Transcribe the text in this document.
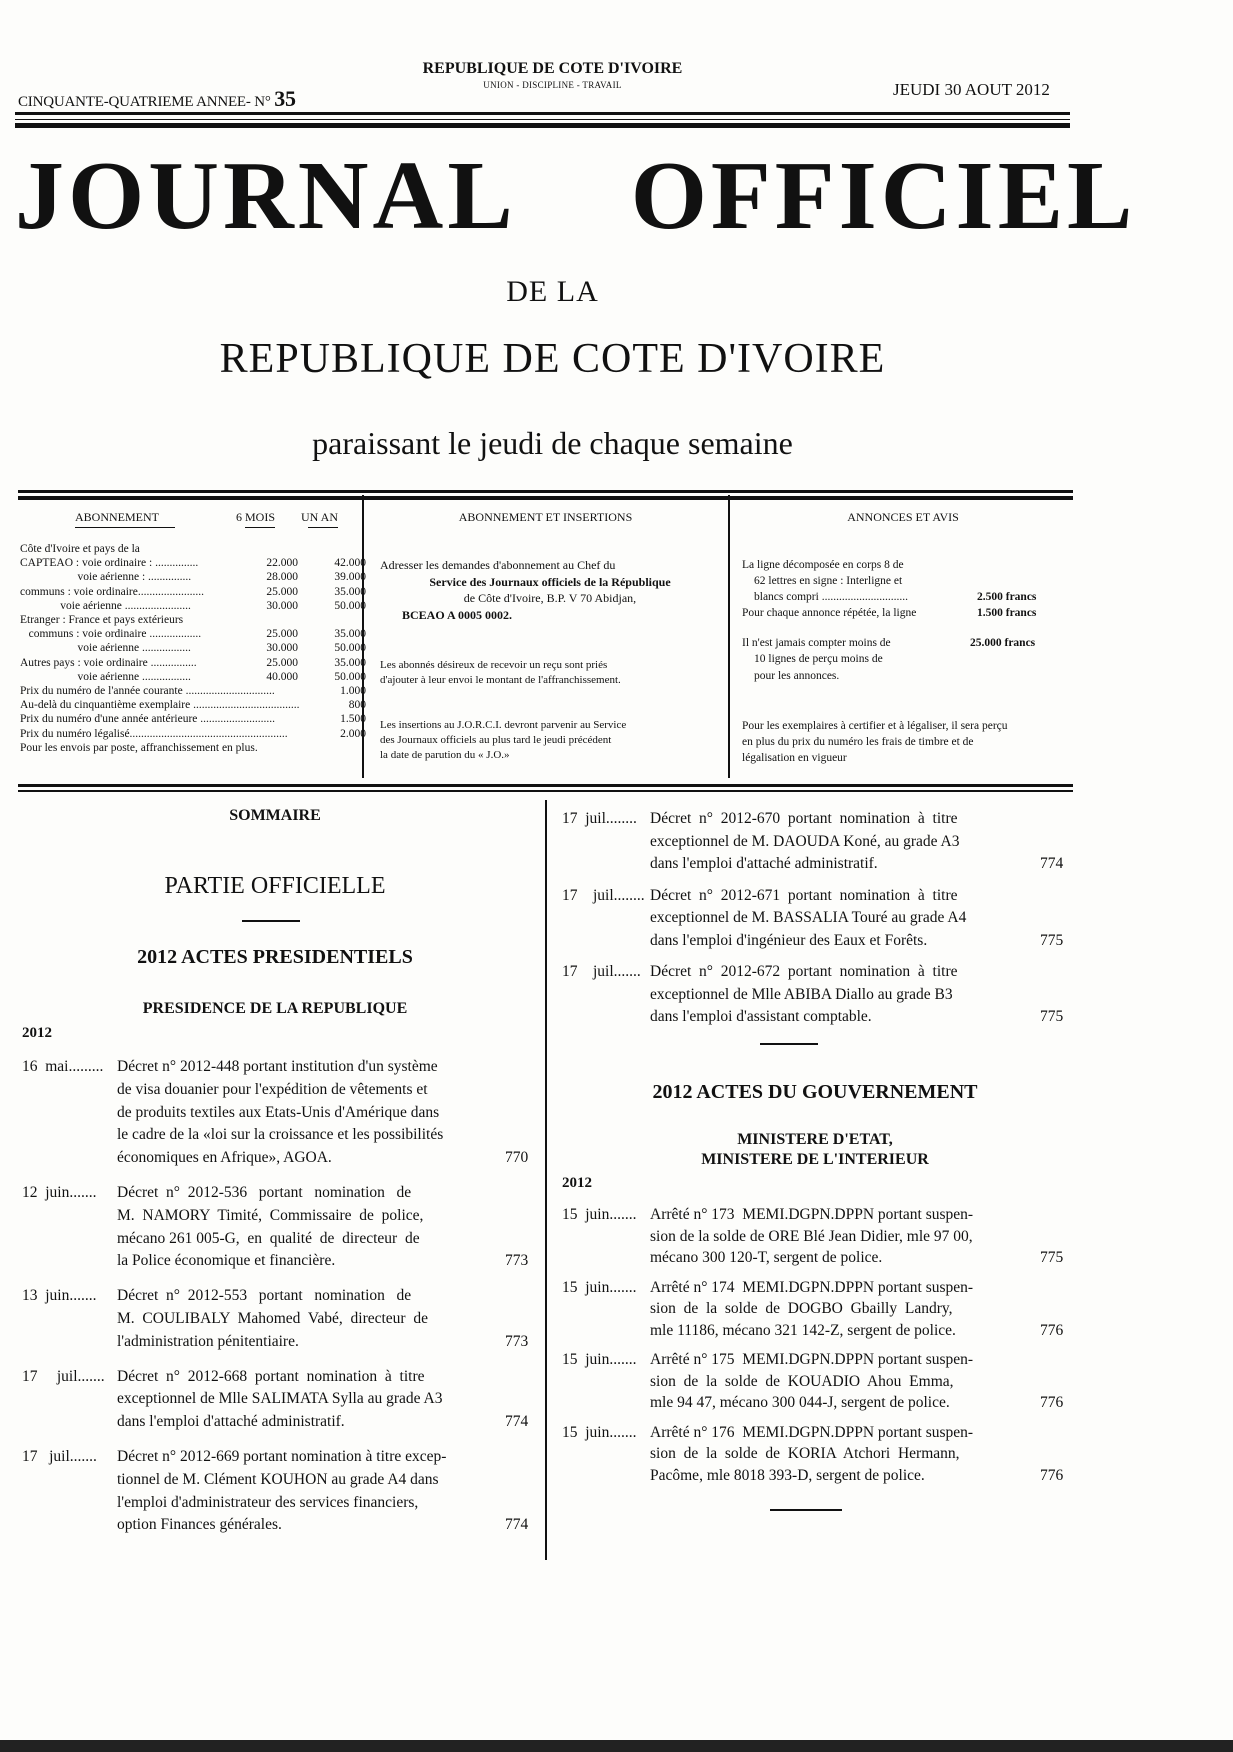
CINQUANTE-QUATRIEME ANNEE- N° 35
REPUBLIQUE DE COTE D'IVOIRE
UNION - DISCIPLINE - TRAVAIL	JEUDI 30 AOUT 2012
JOURNAL OFFICIEL
DE LA
REPUBLIQUE DE COTE D'IVOIRE
paraissant le jeudi de chaque semaine
ABONNEMENT	6 MOIS UN AN
Côte d'Ivoire et pays de la
CAPTEAO : voie ordinaire : ...............	22.000	42.000
voie aérienne : ...............	28.000	39.000
communs : voie ordinaire.......................	25.000	35.000
voie aérienne .......................	30.000	50.000
Etranger : France et pays extérieurs
communs : voie ordinaire ..................	25.000	35.000
voie aérienne .................	30.000	50.000
Autres pays : voie ordinaire ................	25.000	35.000
voie aérienne .................	40.000	50.000
Prix du numéro de l'année courante ...............................	1.000
Au-delà du cinquantième exemplaire .....................................	800
Prix du numéro d'une année antérieure ..........................	1.500
Prix du numéro légalisé.......................................................	2.000
Pour les envois par poste, affranchissement en plus.
ABONNEMENT ET INSERTIONS
Adresser les demandes d'abonnement au Chef du
Service des Journaux officiels de la République
de Côte d'Ivoire, B.P. V 70 Abidjan,
BCEAO A 0005 0002.
Les abonnés désireux de recevoir un reçu sont priés
d'ajouter à leur envoi le montant de l'affranchissement.
Les insertions au J.O.R.C.I. devront parvenir au Service
des Journaux officiels au plus tard le jeudi précédent
la date de parution du « J.O.»
ANNONCES ET AVIS
La ligne décomposée en corps 8 de
62 lettres en signe : Interligne et
blancs compri ..............................	2.500 francs
Pour chaque annonce répétée, la ligne	1.500 francs
Il n'est jamais compter moins de	25.000 francs
10 lignes de perçu moins de
pour les annonces.
Pour les exemplaires à certifier et à légaliser, il sera perçu
en plus du prix du numéro les frais de timbre et de
légalisation en vigueur
SOMMAIRE
PARTIE OFFICIELLE
2012 ACTES PRESIDENTIELS
PRESIDENCE DE LA REPUBLIQUE
2012
16  mai......... Décret n° 2012-448 portant institution d'un système
de visa douanier pour l'expédition de vêtements et
de produits textiles aux Etats-Unis d'Amérique dans
le cadre de la «loi sur la croissance et les possibilités
économiques en Afrique», AGOA.	770
12  juin....... Décret  n°  2012-536   portant   nomination   de
M.  NAMORY  Timité,  Commissaire  de  police,
mécano 261 005-G,  en  qualité  de  directeur  de
la Police économique et financière.	773
13  juin....... Décret  n°  2012-553   portant   nomination   de
M.  COULIBALY  Mahomed  Vabé,  directeur  de
l'administration pénitentiaire.	773
17     juil....... Décret  n°  2012-668  portant  nomination  à  titre
exceptionnel de Mlle SALIMATA Sylla au grade A3
dans l'emploi d'attaché administratif.	774
17   juil....... Décret n° 2012-669 portant nomination à titre excep-
tionnel de M. Clément KOUHON au grade A4 dans
l'emploi d'administrateur des services financiers,
option Finances générales.	774
17  juil........ Décret  n°  2012-670  portant  nomination  à  titre
exceptionnel de M. DAOUDA Koné, au grade A3
dans l'emploi d'attaché administratif.	774
17    juil........ Décret  n°  2012-671  portant  nomination  à  titre
exceptionnel de M. BASSALIA Touré au grade A4
dans l'emploi d'ingénieur des Eaux et Forêts.	775
17    juil....... Décret  n°  2012-672  portant  nomination  à  titre
exceptionnel de Mlle ABIBA Diallo au grade B3
dans l'emploi d'assistant comptable.	775
2012 ACTES DU GOUVERNEMENT
MINISTERE D'ETAT,
MINISTERE DE L'INTERIEUR
2012
15  juin....... Arrêté n° 173  MEMI.DGPN.DPPN portant suspen-
sion de la solde de ORE Blé Jean Didier, mle 97 00,
mécano 300 120-T, sergent de police.	775
15  juin....... Arrêté n° 174  MEMI.DGPN.DPPN portant suspen-
sion  de  la  solde  de  DOGBO  Gbailly  Landry,
mle 11186, mécano 321 142-Z, sergent de police.	776
15  juin....... Arrêté n° 175  MEMI.DGPN.DPPN portant suspen-
sion  de  la  solde  de  KOUADIO  Ahou  Emma,
mle 94 47, mécano 300 044-J, sergent de police.	776
15  juin....... Arrêté n° 176  MEMI.DGPN.DPPN portant suspen-
sion  de  la  solde  de  KORIA  Atchori  Hermann,
Pacôme, mle 8018 393-D, sergent de police.	776
